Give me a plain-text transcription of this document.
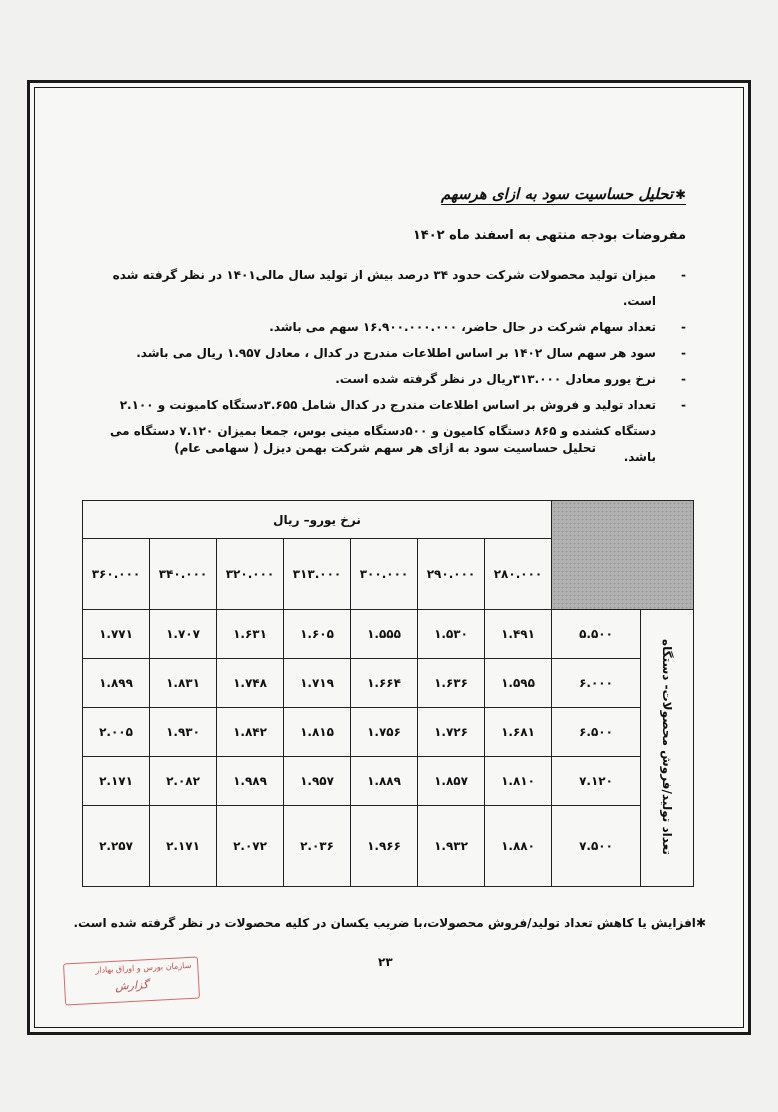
✱تحلیل حساسیت سود به ازای هرسهم
مفروضات بودجه منتهی به اسفند ماه ۱۴۰۲
-
میزان تولید محصولات شرکت حدود ۳۴ درصد بیش از تولید سال مالی۱۴۰۱ در نظر گرفته شده است.
-
تعداد سهام شرکت در حال حاضر، ۱۶.۹۰۰.۰۰۰.۰۰۰ سهم می باشد.
-
سود هر سهم سال ۱۴۰۲ بر اساس اطلاعات مندرج در کدال ، معادل ۱.۹۵۷ ریال می باشد.
-
نرخ یورو معادل ۳۱۳.۰۰۰ریال در نظر گرفته شده است.
-
تعداد تولید و فروش بر اساس اطلاعات مندرج در کدال شامل ۳.۶۵۵دستگاه کامیونت و ۲.۱۰۰ دستگاه کشنده و ۸۶۵ دستگاه کامیون و ۵۰۰دستگاه مینی بوس، جمعا بمیزان ۷.۱۲۰ دستگاه می باشد.
تحلیل حساسیت سود به ازای هر سهم شرکت بهمن دیزل ( سهامی عام)
نرخ یورو– ریال								
۳۶۰.۰۰۰	۳۴۰.۰۰۰	۳۲۰.۰۰۰	۳۱۳.۰۰۰	۳۰۰.۰۰۰	۲۹۰.۰۰۰	۲۸۰.۰۰۰		
۱.۷۷۱	۱.۷۰۷	۱.۶۳۱	۱.۶۰۵	۱.۵۵۵	۱.۵۳۰	۱.۴۹۱	۵.۵۰۰	تعداد تولید/فروش محصولات- دستگاه
۱.۸۹۹	۱.۸۳۱	۱.۷۴۸	۱.۷۱۹	۱.۶۶۴	۱.۶۳۶	۱.۵۹۵	۶.۰۰۰	
۲.۰۰۵	۱.۹۳۰	۱.۸۴۲	۱.۸۱۵	۱.۷۵۶	۱.۷۲۶	۱.۶۸۱	۶.۵۰۰	
۲.۱۷۱	۲.۰۸۲	۱.۹۸۹	۱.۹۵۷	۱.۸۸۹	۱.۸۵۷	۱.۸۱۰	۷.۱۲۰	
۲.۲۵۷	۲.۱۷۱	۲.۰۷۲	۲.۰۳۶	۱.۹۶۶	۱.۹۳۲	۱.۸۸۰	۷.۵۰۰	
✱افزایش یا کاهش تعداد تولید/فروش محصولات،با ضریب یکسان در کلیه محصولات در نظر گرفته شده است.
۲۳
سازمان بورس و اوراق بهادار
گزارش
